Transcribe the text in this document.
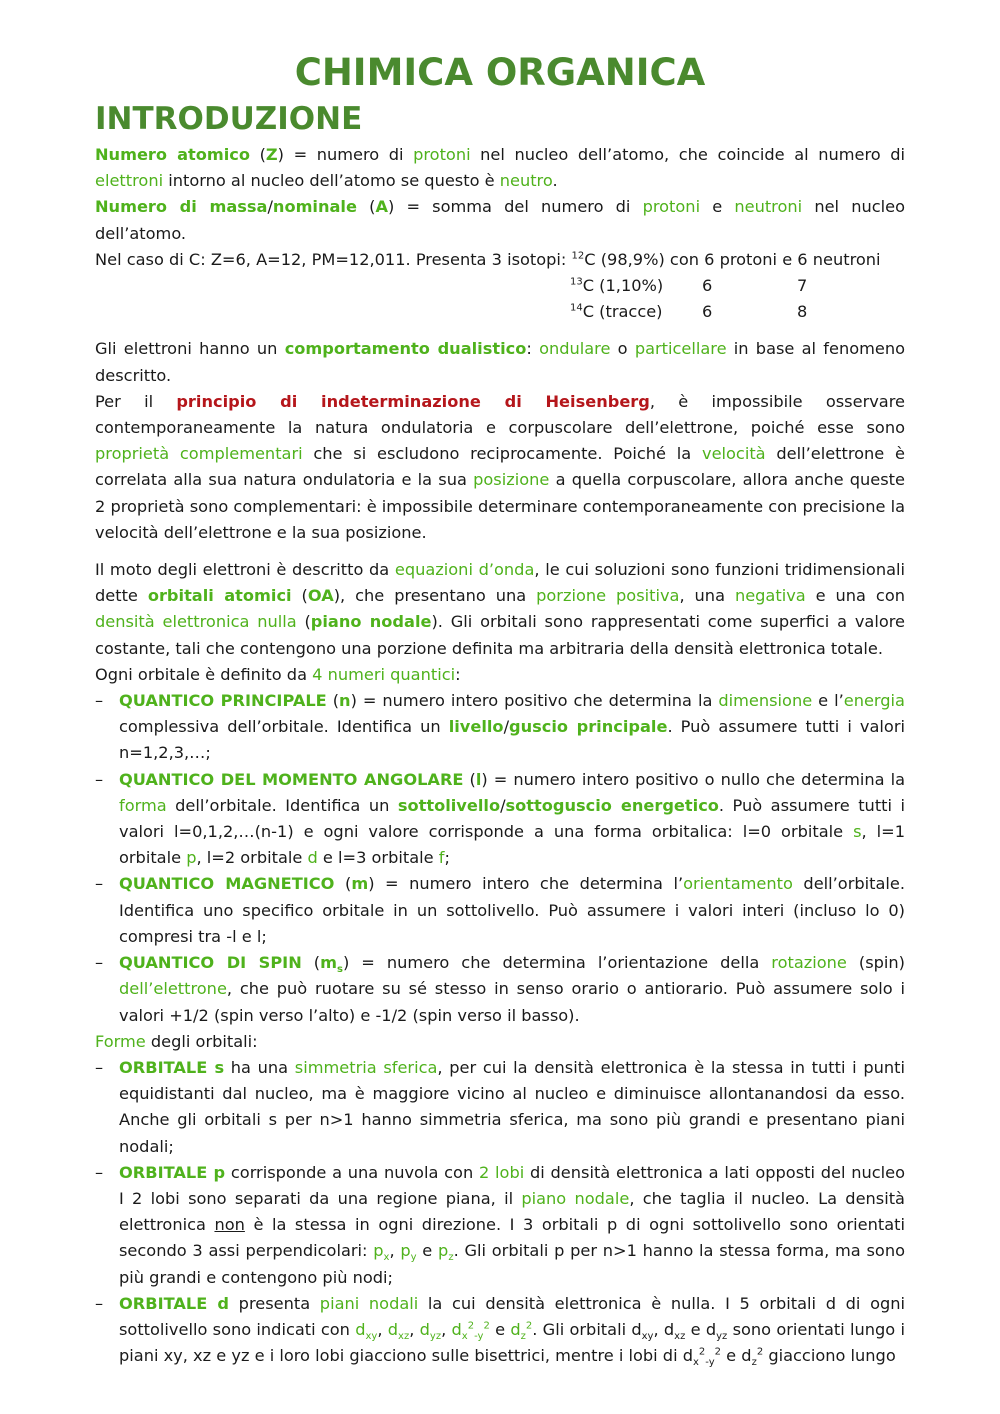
CHIMICA ORGANICA
INTRODUZIONE

Numero atomico (Z) = numero di protoni nel nucleo dell’atomo, che coincide al numero di elettroni intorno al nucleo dell’atomo se questo è neutro.

Numero di massa/nominale (A) = somma del numero di protoni e neutroni nel nucleo dell’atomo.

Nel caso di C: Z=6, A=12, PM=12,011. Presenta 3 isotopi: $^{12}$C (98,9%) con 6 protoni e 6 neutroni
$^{13}$C (1,10%)	6	7
$^{14}$C (tracce)	6	8

Gli elettroni hanno un comportamento dualistico: ondulare o particellare in base al fenomeno descritto.

Per il principio di indeterminazione di Heisenberg, è impossibile osservare contemporaneamente la natura ondulatoria e corpuscolare dell’elettrone, poiché esse sono proprietà complementari che si escludono reciprocamente. Poiché la velocità dell’elettrone è correlata alla sua natura ondulatoria e la sua posizione a quella corpuscolare, allora anche queste 2 proprietà sono complementari: è impossibile determinare contemporaneamente con precisione la velocità dell’elettrone e la sua posizione.

Il moto degli elettroni è descritto da equazioni d’onda, le cui soluzioni sono funzioni tridimensionali dette orbitali atomici (OA), che presentano una porzione positiva, una negativa e una con densità elettronica nulla (piano nodale). Gli orbitali sono rappresentati come superfici a valore costante, tali che contengono una porzione definita ma arbitraria della densità elettronica totale.

Ogni orbitale è definito da 4 numeri quantici:

– QUANTICO PRINCIPALE (n) = numero intero positivo che determina la dimensione e l’energia complessiva dell’orbitale. Identifica un livello/guscio principale. Può assumere tutti i valori n=1,2,3,…;
– QUANTICO DEL MOMENTO ANGOLARE (l) = numero intero positivo o nullo che determina la forma dell’orbitale. Identifica un sottolivello/sottoguscio energetico. Può assumere tutti i valori l=0,1,2,…(n-1) e ogni valore corrisponde a una forma orbitalica: l=0 orbitale s, l=1 orbitale p, l=2 orbitale d e l=3 orbitale f;
– QUANTICO MAGNETICO (m) = numero intero che determina l’orientamento dell’orbitale. Identifica uno specifico orbitale in un sottolivello. Può assumere i valori interi (incluso lo 0) compresi tra -l e l;
– QUANTICO DI SPIN $(m_s)$ = numero che determina l’orientazione della rotazione (spin) dell’elettrone, che può ruotare su sé stesso in senso orario o antiorario. Può assumere solo i valori +1/2 (spin verso l’alto) e -1/2 (spin verso il basso).

Forme degli orbitali:

– ORBITALE s ha una simmetria sferica, per cui la densità elettronica è la stessa in tutti i punti equidistanti dal nucleo, ma è maggiore vicino al nucleo e diminuisce allontanandosi da esso. Anche gli orbitali s per n>1 hanno simmetria sferica, ma sono più grandi e presentano piani nodali;
– ORBITALE p corrisponde a una nuvola con 2 lobi di densità elettronica a lati opposti del nucleo I 2 lobi sono separati da una regione piana, il piano nodale, che taglia il nucleo. La densità elettronica non è la stessa in ogni direzione. I 3 orbitali p di ogni sottolivello sono orientati secondo 3 assi perpendicolari: $p_x$, $p_y$ e $p_z$. Gli orbitali p per n>1 hanno la stessa forma, ma sono più grandi e contengono più nodi;
– ORBITALE d presenta piani nodali la cui densità elettronica è nulla. I 5 orbitali d di ogni sottolivello sono indicati con $d_{xy}$, $d_{xz}$, $d_{yz}$, $d_x^2_{-y}^2$ e $d_z^2$. Gli orbitali $d_{xy}$, $d_{xz}$ e $d_{yz}$ sono orientati lungo i piani xy, xz e yz e i loro lobi giacciono sulle bisettrici, mentre i lobi di $d_x^2_{-y}^2$ e $d_z^2$ giacciono lungo
